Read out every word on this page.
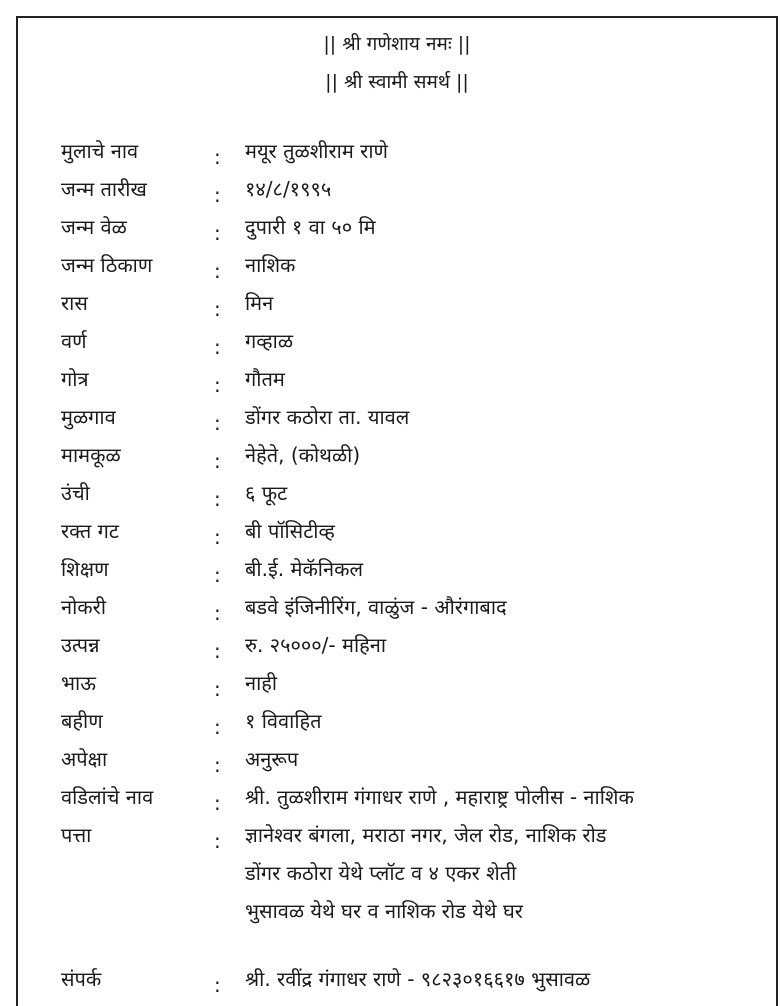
|| श्री गणेशाय नमः ||
|| श्री स्वामी समर्थ ||
मुलाचे नाव	: मयूर तुळशीराम राणे
जन्म तारीख	: १४/८/१९९५
जन्म वेळ	: दुपारी १ वा ५० मि
जन्म ठिकाण	: नाशिक
रास	: मिन
वर्ण	: गव्हाळ
गोत्र	: गौतम
मुळगाव	: डोंगर कठोरा ता. यावल
मामकूळ	: नेहेते, (कोथळी)
उंची	: ६ फूट
रक्त गट	: बी पॉसिटीव्ह
शिक्षण	: बी.ई. मेकॅनिकल
नोकरी	: बडवे इंजिनीरिंग, वाळुंज - औरंगाबाद
उत्पन्न	: रु. २५०००/- महिना
भाऊ	: नाही
बहीण	: १ विवाहित
अपेक्षा	: अनुरूप
वडिलांचे नाव	: श्री. तुळशीराम गंगाधर राणे , महाराष्ट्र पोलीस - नाशिक
पत्ता	: ज्ञानेश्वर बंगला, मराठा नगर, जेल रोड, नाशिक रोड
डोंगर कठोरा येथे प्लॉट व ४ एकर शेती
भुसावळ येथे घर व नाशिक रोड येथे घर
संपर्क	: श्री. रवींद्र गंगाधर राणे - ९८२३०१६६१७ भुसावळ
